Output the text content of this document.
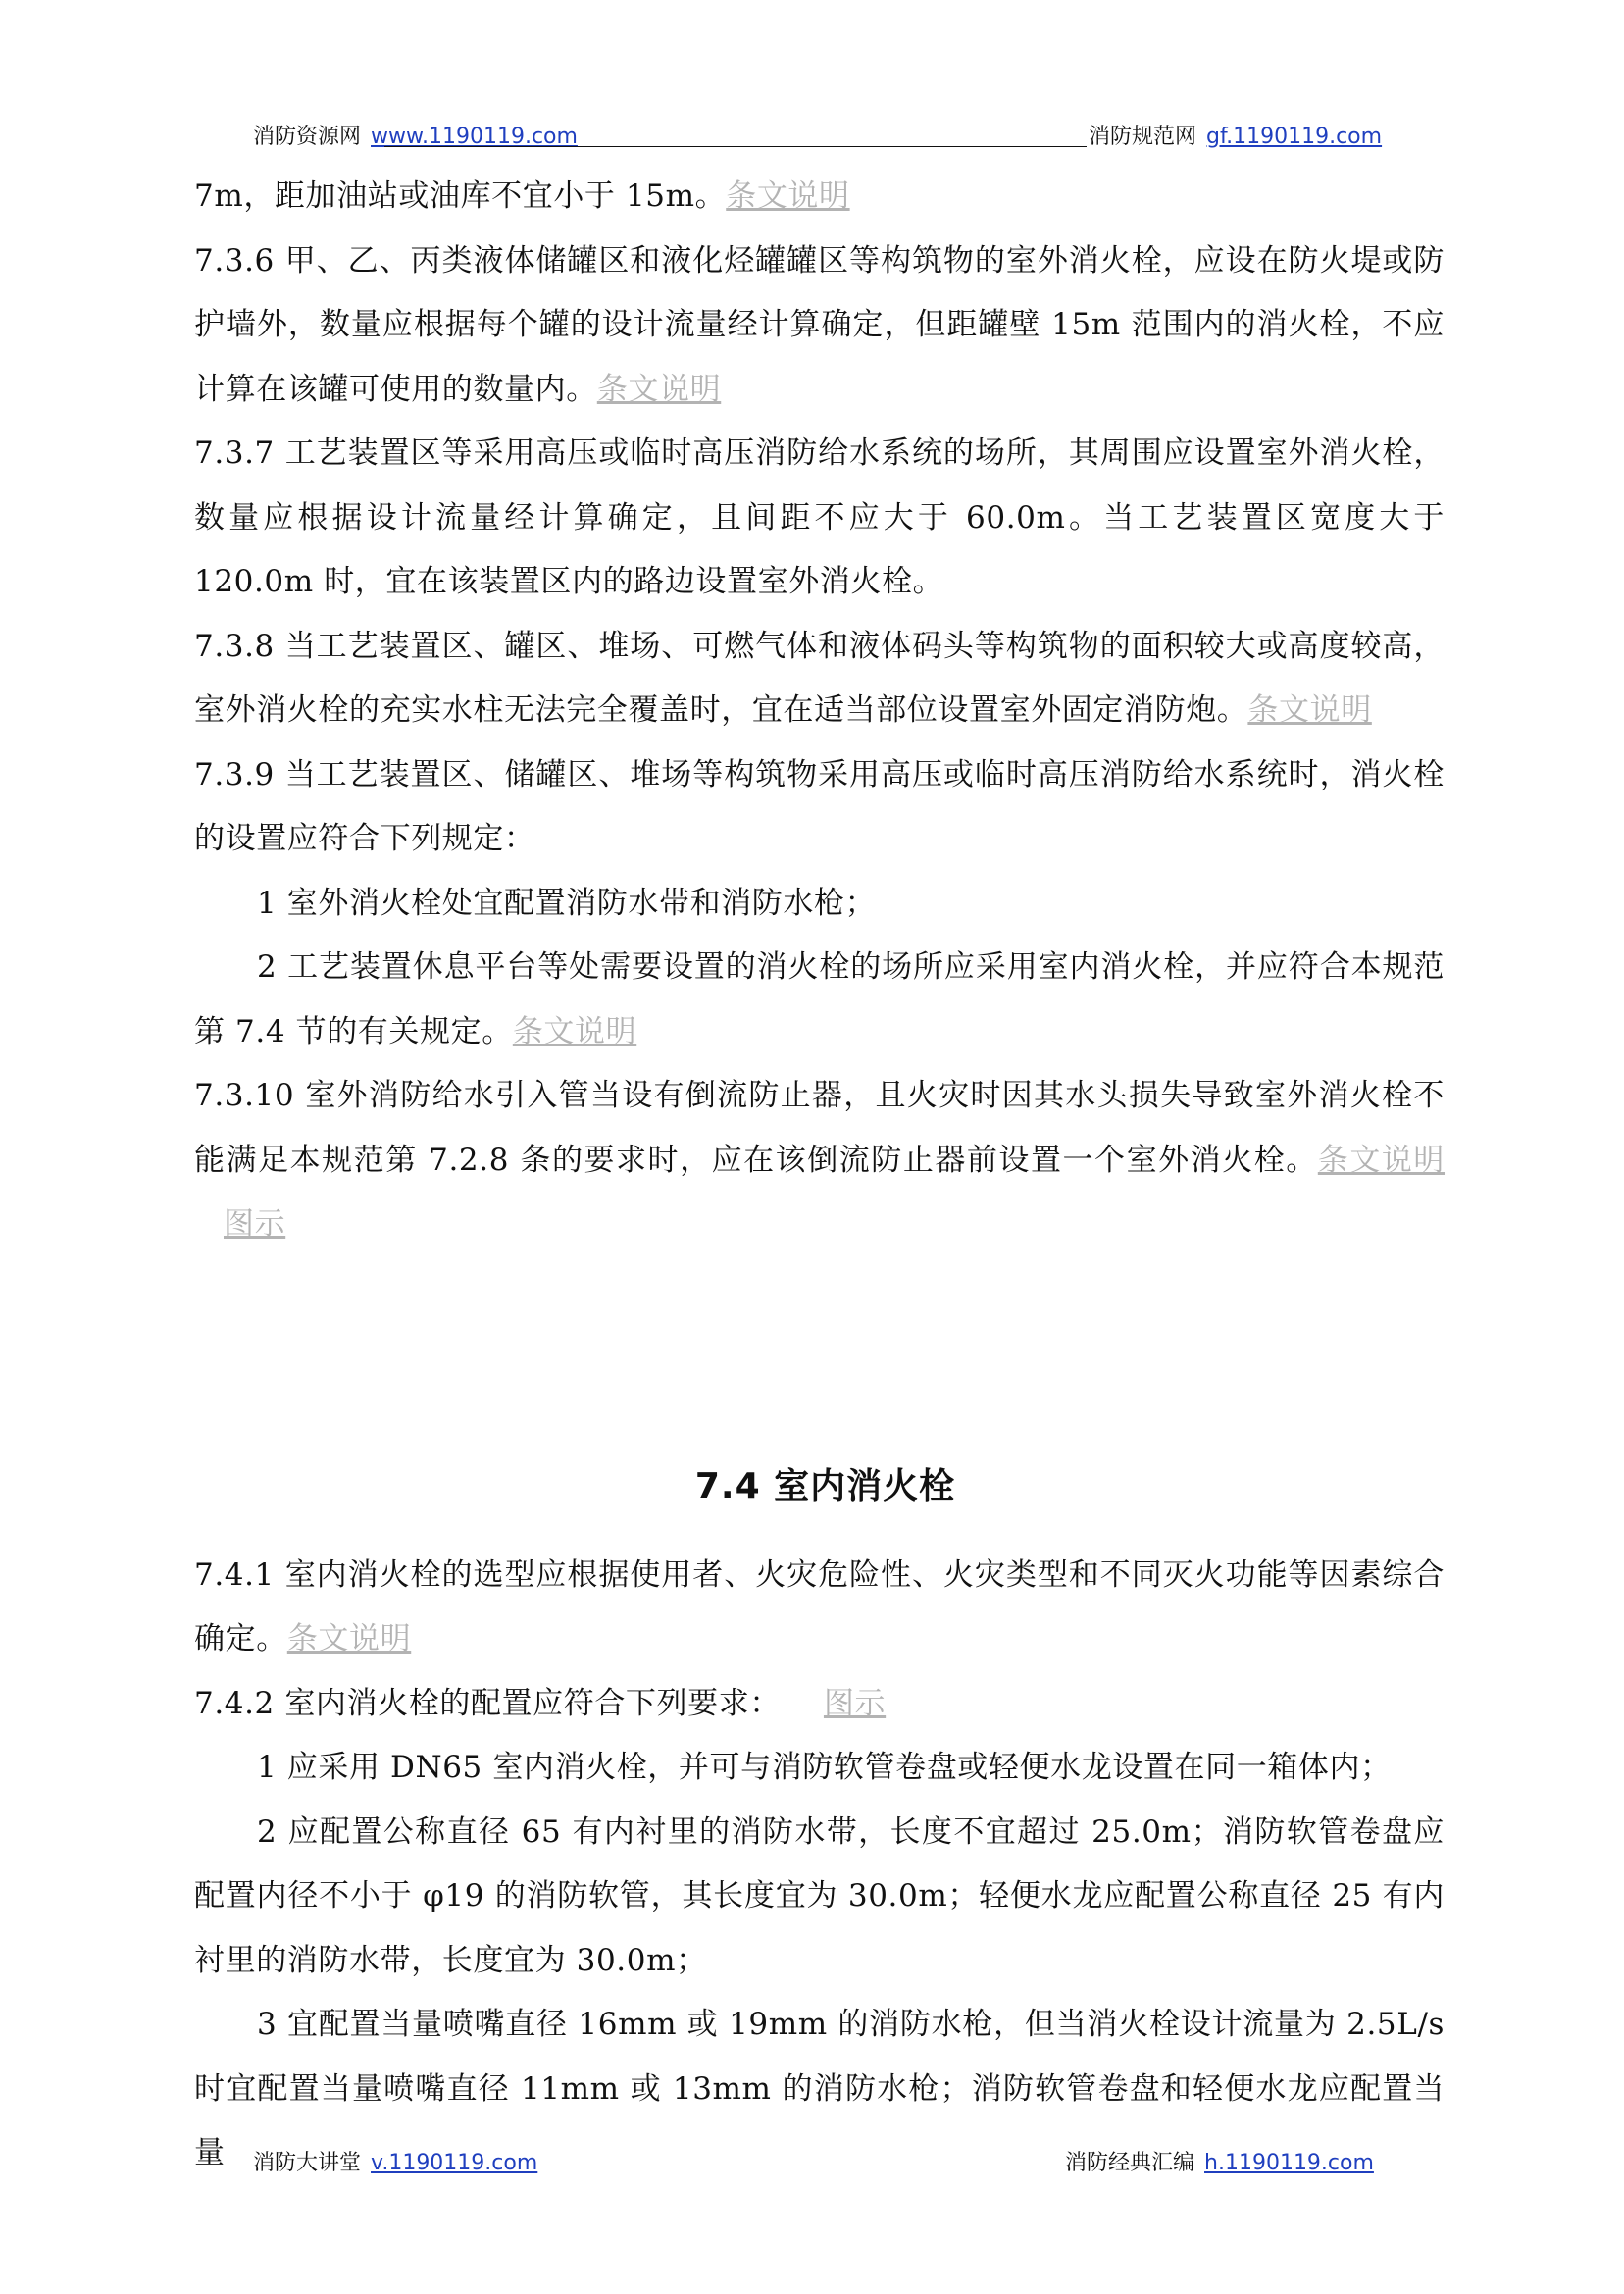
消防资源网 www.1190119.com	消防规范网 gf.1190119.com

7m，距加油站或油库不宜小于 15m。条文说明

7.3.6 甲、乙、丙类液体储罐区和液化烃罐罐区等构筑物的室外消火栓，应设在防火堤或防护墙外，数量应根据每个罐的设计流量经计算确定，但距罐壁 15m 范围内的消火栓，不应计算在该罐可使用的数量内。条文说明

7.3.7 工艺装置区等采用高压或临时高压消防给水系统的场所，其周围应设置室外消火栓，数量应根据设计流量经计算确定，且间距不应大于 60.0m。当工艺装置区宽度大于 120.0m 时，宜在该装置区内的路边设置室外消火栓。

7.3.8 当工艺装置区、罐区、堆场、可燃气体和液体码头等构筑物的面积较大或高度较高，室外消火栓的充实水柱无法完全覆盖时，宜在适当部位设置室外固定消防炮。条文说明

7.3.9 当工艺装置区、储罐区、堆场等构筑物采用高压或临时高压消防给水系统时，消火栓的设置应符合下列规定：

1 室外消火栓处宜配置消防水带和消防水枪；

2 工艺装置休息平台等处需要设置的消火栓的场所应采用室内消火栓，并应符合本规范第 7.4 节的有关规定。条文说明

7.3.10 室外消防给水引入管当设有倒流防止器，且火灾时因其水头损失导致室外消火栓不能满足本规范第 7.2.8 条的要求时，应在该倒流防止器前设置一个室外消火栓。条文说明图示

7.4 室内消火栓

7.4.1 室内消火栓的选型应根据使用者、火灾危险性、火灾类型和不同灭火功能等因素综合确定。条文说明

7.4.2 室内消火栓的配置应符合下列要求： 图示

1 应采用 DN65 室内消火栓，并可与消防软管卷盘或轻便水龙设置在同一箱体内；

2 应配置公称直径 65 有内衬里的消防水带，长度不宜超过 25.0m；消防软管卷盘应配置内径不小于 φ19 的消防软管，其长度宜为 30.0m；轻便水龙应配置公称直径 25 有内衬里的消防水带，长度宜为 30.0m；

3 宜配置当量喷嘴直径 16mm 或 19mm 的消防水枪，但当消火栓设计流量为 2.5L/s 时宜配置当量喷嘴直径 11mm 或 13mm 的消防水枪；消防软管卷盘和轻便水龙应配置当量	消防大讲堂 v.1190119.com	消防经典汇编 h.1190119.com
